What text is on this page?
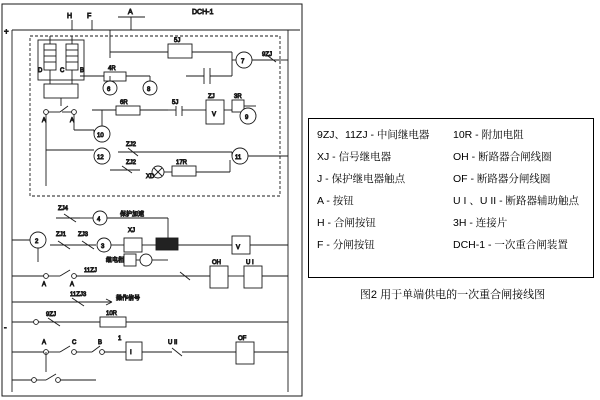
+
-
H F
A	DCH-1
D	C	B
A	A
5J
7
9ZJ
4R
6	8
6R	5J
ZJ
V
3R
9
10
11
12
ZJ2
ZJ2
XD
17R
ZJ4
4
保护加速
2
ZJ1 ZJ3
3
XJ
V
继电相
A	A
11ZJ
OH	U I
11ZJ3
操作信号
9ZJ	10R
A	C	B
1
I
U II
OF
9ZJ、11ZJ - 中间继电器	10R - 附加电阻
XJ - 信号继电器	OH - 断路器合闸线圈
J - 保护继电器触点	OF - 断路器分闸线圈
A - 按钮	U I 、U II - 断路器辅助触点
H - 合闸按钮	3H - 连接片
F - 分闸按钮	DCH-1 - 一次重合闸装置
图2 用于单端供电的一次重合闸接线图
